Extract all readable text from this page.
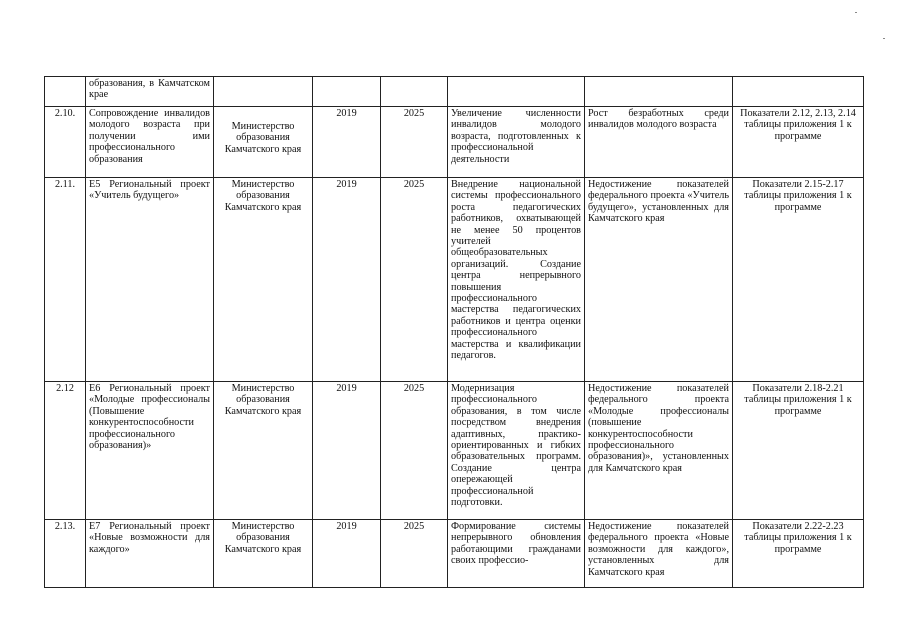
	образования, в Камчатском крае						
2.10.	Сопровождение инвалидов молодого возраста при получении ими профессионального образования	Министерство образования Камчатского края	2019	2025	Увеличение численности инвалидов молодого возраста, подготовленных к профессиональной деятельности	Рост безработных среди инвалидов молодого возраста	Показатели 2.12, 2.13, 2.14 таблицы приложения 1 к программе
2.11.	E5 Региональный проект «Учитель будущего»	Министерство образования Камчатского края	2019	2025	Внедрение национальной системы профессионального роста педагогических работников, охватывающей не менее 50 процентов учителей общеобразовательных организаций. Создание центра непрерывного повышения профессионального мастерства педагогических работников и центра оценки профессионального мастерства и квалификации педагогов.	Недостижение показателей федерального проекта «Учитель будущего», установленных для Камчатского края	Показатели 2.15-2.17 таблицы приложения 1 к программе
2.12	E6 Региональный проект «Молодые профессионалы (Повышение конкурентоспособности профессионального образования)»	Министерство образования Камчатского края	2019	2025	Модернизация профессионального образования, в том числе посредством внедрения адаптивных, практико-ориентированных и гибких образовательных программ. Создание центра опережающей профессиональной подготовки.	Недостижение показателей федерального проекта «Молодые профессионалы (повышение конкурентоспособности профессионального образования)», установленных для Камчатского края	Показатели 2.18-2.21 таблицы приложения 1 к программе
2.13.	E7 Региональный проект «Новые возможности для каждого»	Министерство образования Камчатского края	2019	2025	Формирование системы непрерывного обновления работающими гражданами своих профессио-	Недостижение показателей федерального проекта «Новые возможности для каждого», установленных для Камчатского края	Показатели 2.22-2.23 таблицы приложения 1 к программе
